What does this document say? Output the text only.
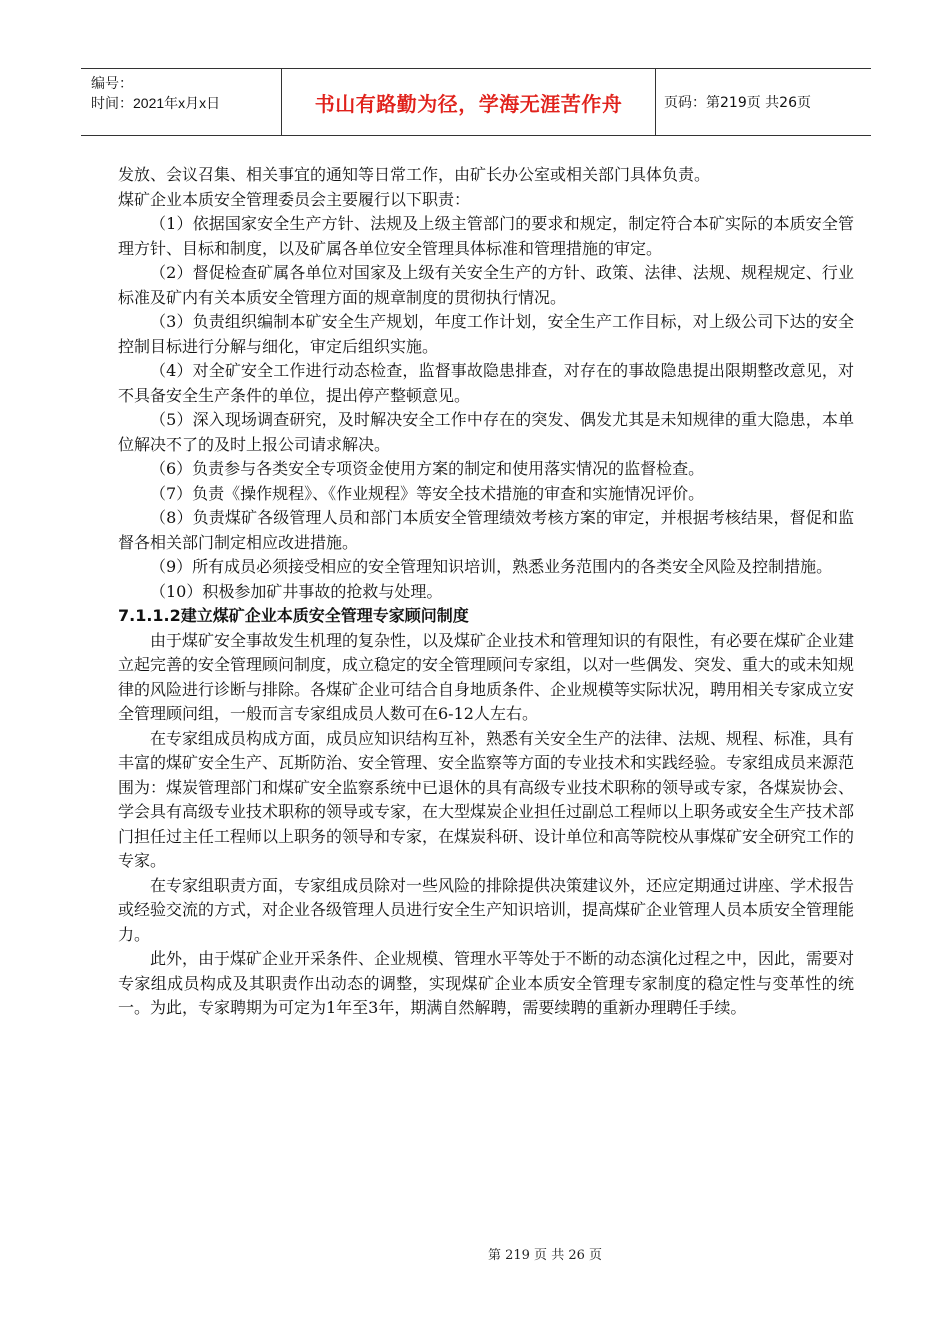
编号：
时间：2021年x月x日	书山有路勤为径，学海无涯苦作舟	页码：第219页 共26页

发放、会议召集、相关事宜的通知等日常工作，由矿长办公室或相关部门具体负责。

煤矿企业本质安全管理委员会主要履行以下职责：

（1）依据国家安全生产方针、法规及上级主管部门的要求和规定，制定符合本矿实际的本质安全管理方针、目标和制度，以及矿属各单位安全管理具体标准和管理措施的审定。

（2）督促检查矿属各单位对国家及上级有关安全生产的方针、政策、法律、法规、规程规定、行业标准及矿内有关本质安全管理方面的规章制度的贯彻执行情况。

（3）负责组织编制本矿安全生产规划，年度工作计划，安全生产工作目标，对上级公司下达的安全控制目标进行分解与细化，审定后组织实施。

（4）对全矿安全工作进行动态检查，监督事故隐患排查，对存在的事故隐患提出限期整改意见，对不具备安全生产条件的单位，提出停产整顿意见。

（5）深入现场调查研究，及时解决安全工作中存在的突发、偶发尤其是未知规律的重大隐患，本单位解决不了的及时上报公司请求解决。

（6）负责参与各类安全专项资金使用方案的制定和使用落实情况的监督检查。

（7）负责《操作规程》、《作业规程》等安全技术措施的审查和实施情况评价。

（8）负责煤矿各级管理人员和部门本质安全管理绩效考核方案的审定，并根据考核结果，督促和监督各相关部门制定相应改进措施。

（9）所有成员必须接受相应的安全管理知识培训，熟悉业务范围内的各类安全风险及控制措施。

（10）积极参加矿井事故的抢救与处理。

7.1.1.2建立煤矿企业本质安全管理专家顾问制度

由于煤矿安全事故发生机理的复杂性，以及煤矿企业技术和管理知识的有限性，有必要在煤矿企业建立起完善的安全管理顾问制度，成立稳定的安全管理顾问专家组，以对一些偶发、突发、重大的或未知规律的风险进行诊断与排除。各煤矿企业可结合自身地质条件、企业规模等实际状况，聘用相关专家成立安全管理顾问组，一般而言专家组成员人数可在6-12人左右。

在专家组成员构成方面，成员应知识结构互补，熟悉有关安全生产的法律、法规、规程、标准，具有丰富的煤矿安全生产、瓦斯防治、安全管理、安全监察等方面的专业技术和实践经验。专家组成员来源范围为：煤炭管理部门和煤矿安全监察系统中已退休的具有高级专业技术职称的领导或专家，各煤炭协会、学会具有高级专业技术职称的领导或专家，在大型煤炭企业担任过副总工程师以上职务或安全生产技术部门担任过主任工程师以上职务的领导和专家，在煤炭科研、设计单位和高等院校从事煤矿安全研究工作的专家。

在专家组职责方面，专家组成员除对一些风险的排除提供决策建议外，还应定期通过讲座、学术报告或经验交流的方式，对企业各级管理人员进行安全生产知识培训，提高煤矿企业管理人员本质安全管理能力。

此外，由于煤矿企业开采条件、企业规模、管理水平等处于不断的动态演化过程之中，因此，需要对专家组成员构成及其职责作出动态的调整，实现煤矿企业本质安全管理专家制度的稳定性与变革性的统一。为此，专家聘期为可定为1年至3年，期满自然解聘，需要续聘的重新办理聘任手续。

第 219 页 共 26 页
